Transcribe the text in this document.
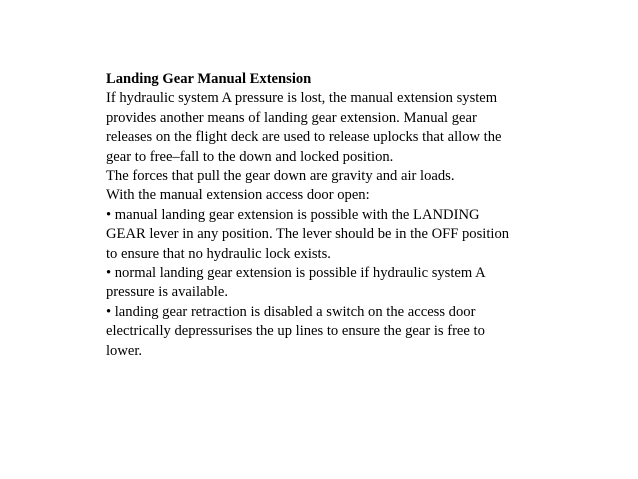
Landing Gear Manual Extension
If hydraulic system A pressure is lost, the manual extension system
provides another means of landing gear extension. Manual gear
releases on the flight deck are used to release uplocks that allow the
gear to free–fall to the down and locked position.
The forces that pull the gear down are gravity and air loads.
With the manual extension access door open:
• manual landing gear extension is possible with the LANDING
GEAR lever in any position. The lever should be in the OFF position
to ensure that no hydraulic lock exists.
• normal landing gear extension is possible if hydraulic system A
pressure is available.
• landing gear retraction is disabled a switch on the access door
electrically depressurises the up lines to ensure the gear is free to
lower.
